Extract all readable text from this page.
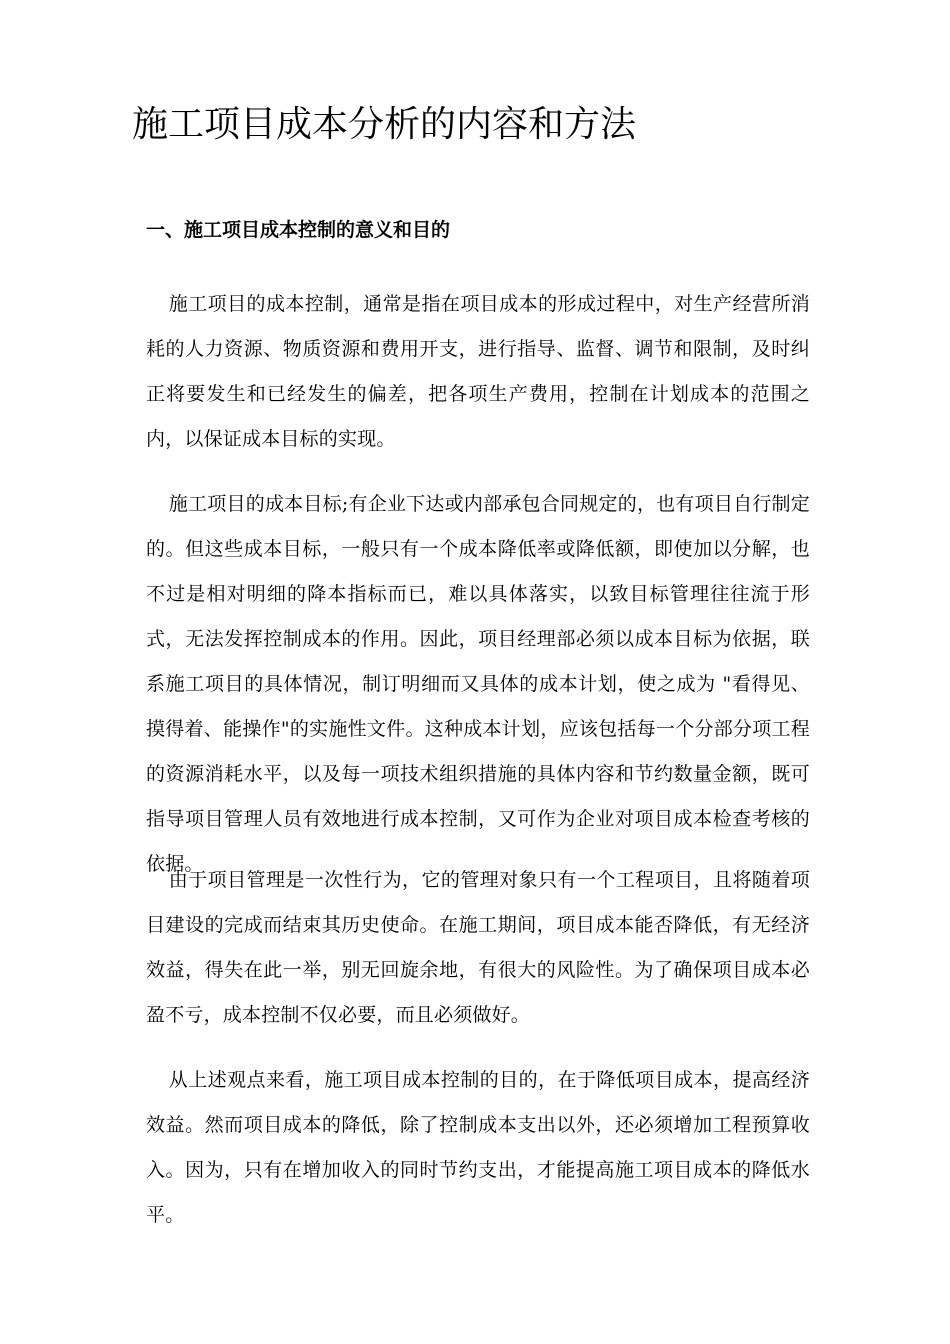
施工项目成本分析的内容和方法
一、施工项目成本控制的意义和目的

施工项目的成本控制，通常是指在项目成本的形成过程中，对生产经营所消耗的人力资源、物质资源和费用开支，进行指导、监督、调节和限制，及时纠正将要发生和已经发生的偏差，把各项生产费用，控制在计划成本的范围之内，以保证成本目标的实现。

施工项目的成本目标;有企业下达或内部承包合同规定的，也有项目自行制定的。但这些成本目标，一般只有一个成本降低率或降低额，即使加以分解，也不过是相对明细的降本指标而已，难以具体落实，以致目标管理往往流于形式，无法发挥控制成本的作用。因此，项目经理部必须以成本目标为依据，联系施工项目的具体情况，制订明细而又具体的成本计划，使之成为 "看得见、摸得着、能操作"的实施性文件。这种成本计划，应该包括每一个分部分项工程的资源消耗水平，以及每一项技术组织措施的具体内容和节约数量金额，既可指导项目管理人员有效地进行成本控制，又可作为企业对项目成本检查考核的依据。

由于项目管理是一次性行为，它的管理对象只有一个工程项目，且将随着项目建设的完成而结束其历史使命。在施工期间，项目成本能否降低，有无经济效益，得失在此一举，别无回旋余地，有很大的风险性。为了确保项目成本必盈不亏，成本控制不仅必要，而且必须做好。

从上述观点来看，施工项目成本控制的目的，在于降低项目成本，提高经济效益。然而项目成本的降低，除了控制成本支出以外，还必须增加工程预算收入。因为，只有在增加收入的同时节约支出，才能提高施工项目成本的降低水平。
